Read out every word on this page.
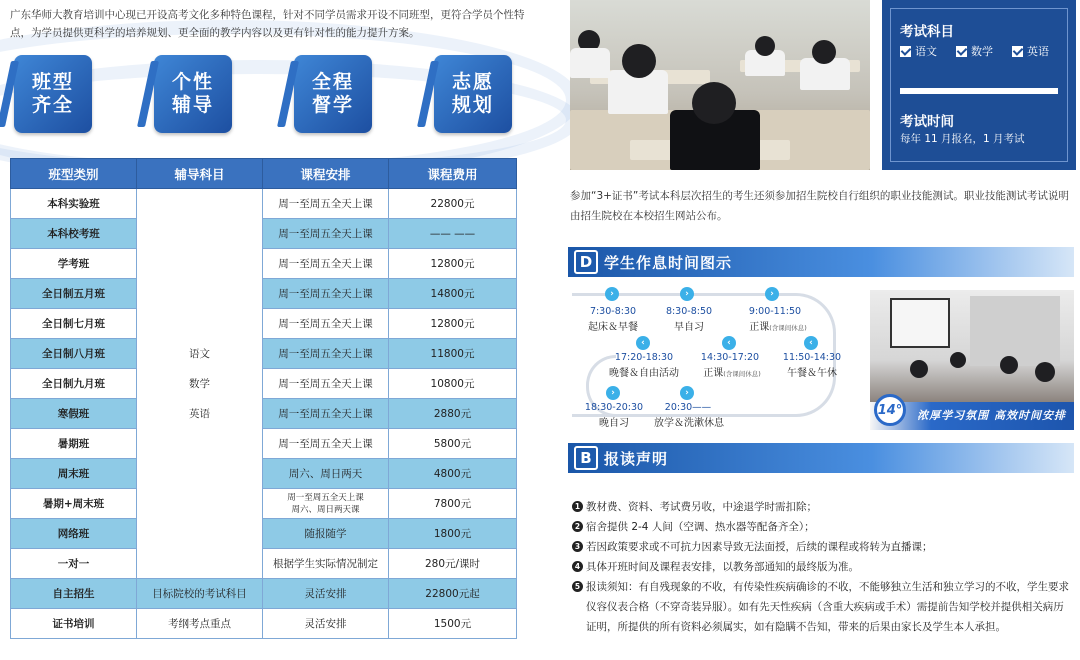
广东华师大教育培训中心现已开设高考文化多种特色课程，针对不同学员需求开设不同班型，更符合学员个性特点，为学员提供更科学的培养规划、更全面的教学内容以及更有针对性的能力提升方案。
班型齐全
个性辅导
全程督学
志愿规划
班型类别	辅导科目	课程安排	课程费用
本科实验班	语文
数学
英语	周一至周五全天上课	22800元
本科校考班		周一至周五全天上课	—— ——
学考班		周一至周五全天上课	12800元
全日制五月班		周一至周五全天上课	14800元
全日制七月班		周一至周五全天上课	12800元
全日制八月班		周一至周五全天上课	11800元
全日制九月班		周一至周五全天上课	10800元
寒假班		周一至周五全天上课	2880元
暑期班		周一至周五全天上课	5800元
周末班		周六、周日两天	4800元
暑期+周末班		周一至周五全天上课
周六、周日两天课	7800元
网络班		随报随学	1800元
一对一		根据学生实际情况制定	280元/课时
自主招生	目标院校的考试科目	灵活安排	22800元起
证书培训	考纲考点重点	灵活安排	1500元
考试科目
语文	数学	英语
考试时间
每年 11 月报名，1 月考试
参加“3+证书”考试本科层次招生的考生还须参加招生院校自行组织的职业技能测试。职业技能测试考试说明由招生院校在本校招生网站公布。
D 学生作息时间图示
›
7:30-8:30
起床＆早餐
›
8:30-8:50
早自习
›
9:00-11:50
正课(含课间休息)
‹
11:50-14:30
午餐＆午休
‹
14:30-17:20
正课(含课间休息)
‹
17:20-18:30
晚餐＆自由活动
›
18:30-20:30
晚自习
›
20:30——
放学＆洗漱休息
14°	浓厚学习氛围 高效时间安排
B 报读声明
1 教材费、资料、考试费另收，中途退学时需扣除；
2 宿舍提供 2-4 人间（空调、热水器等配备齐全）；
3 若因政策要求或不可抗力因素导致无法面授，后续的课程或将转为直播课；
4 具体开班时间及课程表安排，以教务部通知的最终版为准。
5 报读须知：有自残现象的不收，有传染性疾病确诊的不收，不能够独立生活和独立学习的不收，学生要求仪容仪表合格（不穿奇装异服）。如有先天性疾病（含重大疾病或手术）需提前告知学校并提供相关病历证明，所提供的所有资料必须属实，如有隐瞒不告知，带来的后果由家长及学生本人承担。
